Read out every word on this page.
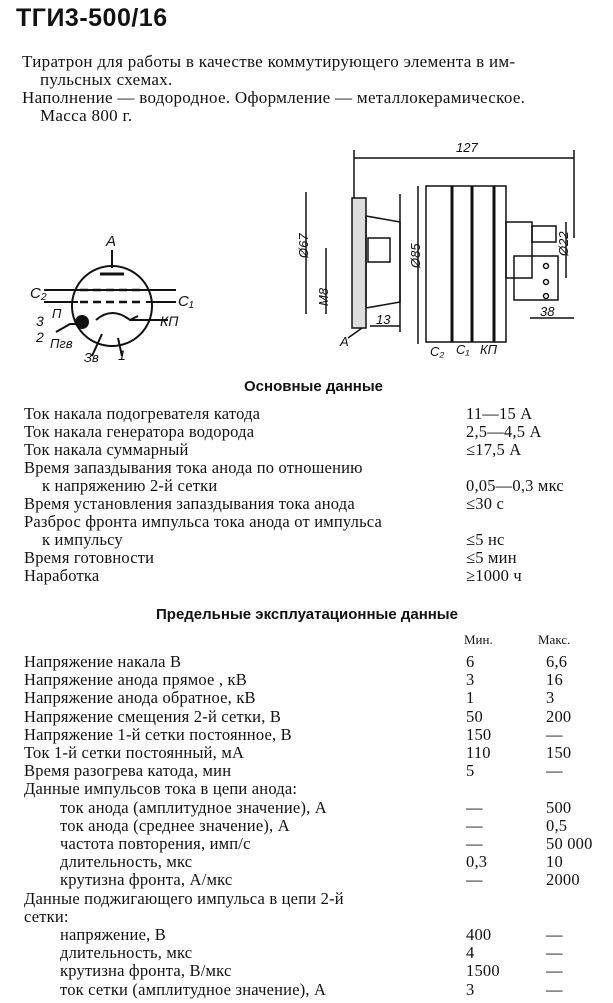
ТГИ3-500/16
Тиратрон для работы в качестве коммутирующего элемента в им-
пульсных схемах.
Наполнение — водородное. Оформление — металлокерамическое.
Масса 800 г.
А
C₂	C₁
3 П	КП
2 Пгв
Зв 1
127
Ø67
M8
Ø85	Ø22
13
38
А
C₂ C₁ КП
Основные данные
Ток накала подогревателя катода	11—15 А
Ток накала генератора водорода	2,5—4,5 А
Ток накала суммарный	≤17,5 А
Время запаздывания тока анода по отношению
к напряжению 2-й сетки	0,05—0,3 мкс
Время установления запаздывания тока анода	≤30 с
Разброс фронта импульса тока анода от импульса
к импульсу	≤5 нс
Время готовности	≤5 мин
Наработка	≥1000 ч
Предельные эксплуатационные данные
Мин.	Макс.
Напряжение накала В	6	6,6
Напряжение анода прямое , кВ	3	16
Напряжение анода обратное, кВ	1	3
Напряжение смещения 2-й сетки, В	50	200
Напряжение 1-й сетки постоянное, В	150	—
Ток 1-й сетки постоянный, мА	110	150
Время разогрева катода, мин	5	—
Данные импульсов тока в цепи анода:
ток анода (амплитудное значение), А	—	500
ток анода (среднее значение), А	—	0,5
частота повторения, имп/с	—	50 000
длительность, мкс	0,3	10
крутизна фронта, А/мкс	—	2000
Данные поджигающего импульса в цепи 2-й
сетки:
напряжение, В	400	—
длительность, мкс	4	—
крутизна фронта, В/мкс	1500	—
ток сетки (амплитудное значение), А	3	—
